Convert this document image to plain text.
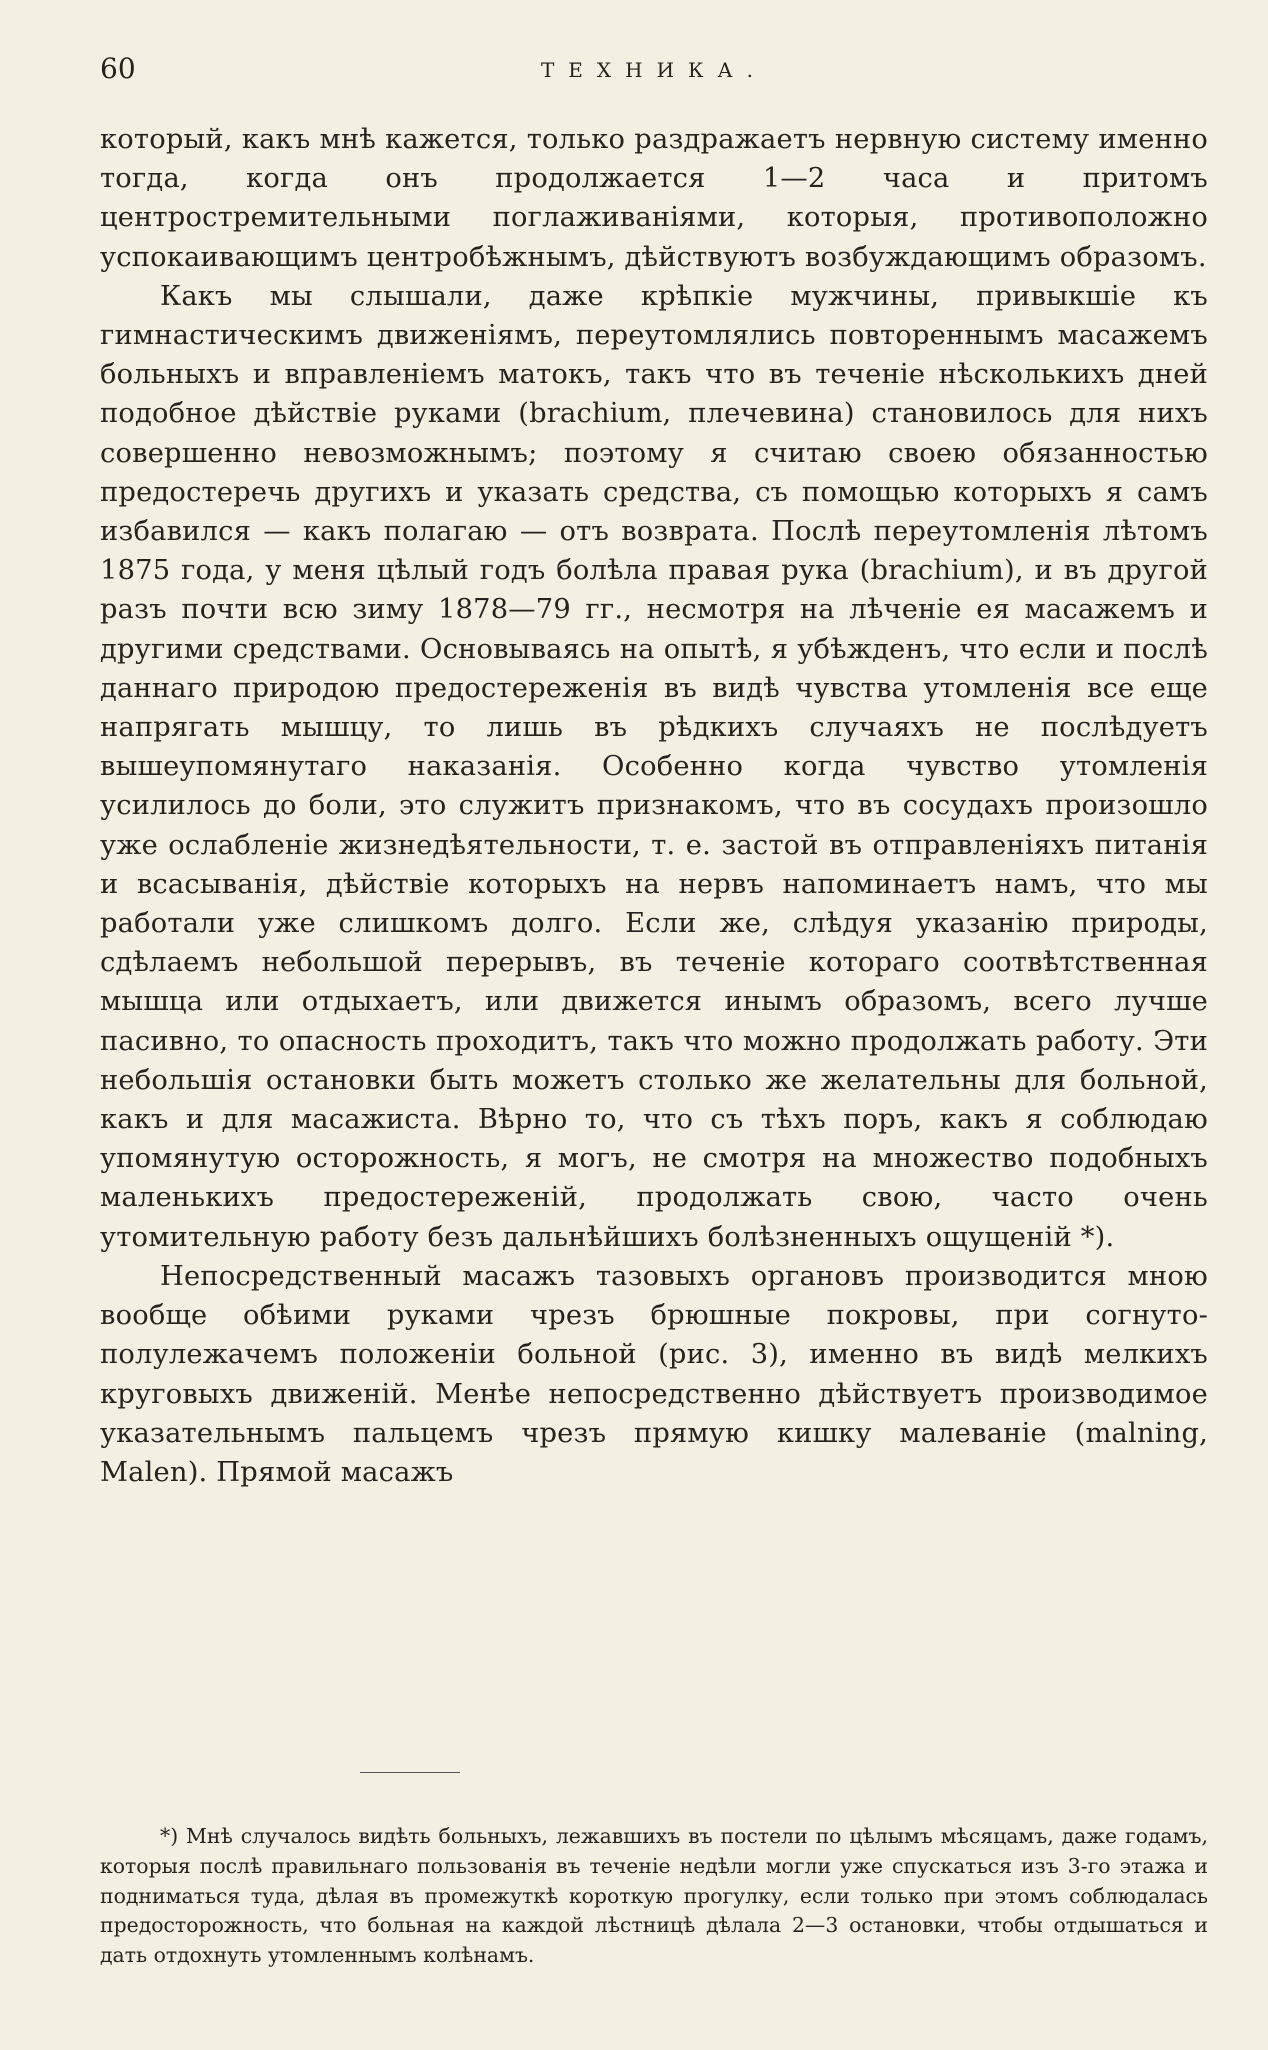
60	ТЕХНИКА.

который, какъ мнѣ кажется, только раздражаетъ нервную систему именно тогда, когда онъ продолжается 1—2 часа и притомъ центростремительными поглаживаніями, которыя, противоположно успокаивающимъ центробѣжнымъ, дѣйствуютъ возбуждающимъ образомъ.

Какъ мы слышали, даже крѣпкіе мужчины, привыкшіе къ гимнастическимъ движеніямъ, переутомлялись повтореннымъ масажемъ больныхъ и вправленіемъ матокъ, такъ что въ теченіе нѣсколькихъ дней подобное дѣйствіе руками (brachium, плечевина) становилось для нихъ совершенно невозможнымъ; поэтому я считаю своею обязанностью предостеречь другихъ и указать средства, съ помощью которыхъ я самъ избавился — какъ полагаю — отъ возврата. Послѣ переутомленія лѣтомъ 1875 года, у меня цѣлый годъ болѣла правая рука (brachium), и въ другой разъ почти всю зиму 1878—79 гг., несмотря на лѣченіе ея масажемъ и другими средствами. Основываясь на опытѣ, я убѣжденъ, что если и послѣ даннаго природою предостереженія въ видѣ чувства утомленія все еще напрягать мышцу, то лишь въ рѣдкихъ случаяхъ не послѣдуетъ вышеупомянутаго наказанія. Особенно когда чувство утомленія усилилось до боли, это служитъ признакомъ, что въ сосудахъ произошло уже ослабленіе жизнедѣятельности, т. е. застой въ отправленіяхъ питанія и всасыванія, дѣйствіе которыхъ на нервъ напоминаетъ намъ, что мы работали уже слишкомъ долго. Если же, слѣдуя указанію природы, сдѣлаемъ небольшой перерывъ, въ теченіе котораго соотвѣтственная мышца или отдыхаетъ, или движется инымъ образомъ, всего лучше пасивно, то опасность проходитъ, такъ что можно продолжать работу. Эти небольшія остановки быть можетъ столько же желательны для больной, какъ и для масажиста. Вѣрно то, что съ тѣхъ поръ, какъ я соблюдаю упомянутую осторожность, я могъ, не смотря на множество подобныхъ маленькихъ предостереженій, продолжать свою, часто очень утомительную работу безъ дальнѣйшихъ болѣзненныхъ ощущеній *).

Непосредственный масажъ тазовыхъ органовъ производится мною вообще обѣими руками чрезъ брюшные покровы, при согнуто-полулежачемъ положеніи больной (рис. 3), именно въ видѣ мелкихъ круговыхъ движеній. Менѣе непосредственно дѣйствуетъ производимое указательнымъ пальцемъ чрезъ прямую кишку малеваніе (malning, Malen). Прямой масажъ

*) Мнѣ случалось видѣть больныхъ, лежавшихъ въ постели по цѣлымъ мѣсяцамъ, даже годамъ, которыя послѣ правильнаго пользованія въ теченіе недѣли могли уже спускаться изъ 3-го этажа и подниматься туда, дѣлая въ промежуткѣ короткую прогулку, если только при этомъ соблюдалась предосторожность, что больная на каждой лѣстницѣ дѣлала 2—3 остановки, чтобы отдышаться и дать отдохнуть утомленнымъ колѣнамъ.
